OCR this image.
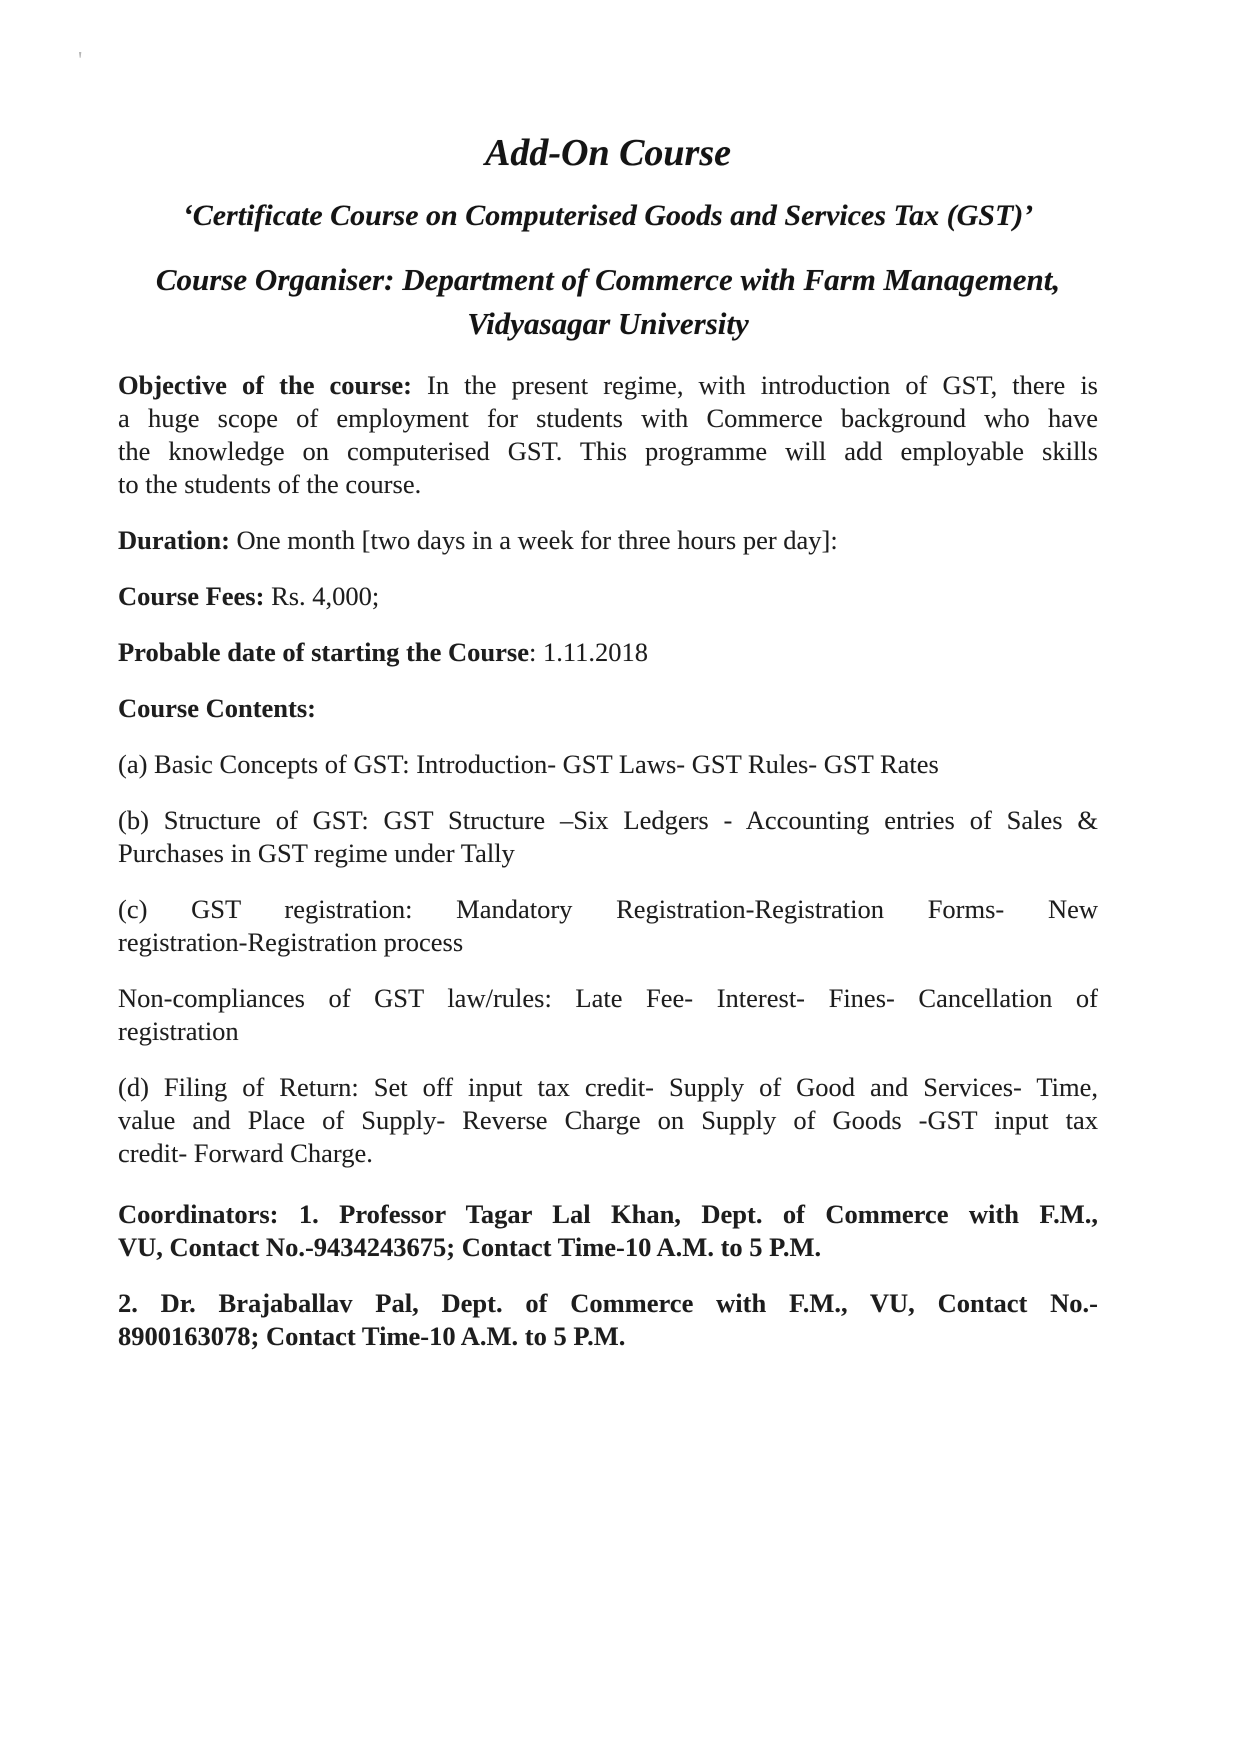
'
Add-On Course
‘Certificate Course on Computerised Goods and Services Tax (GST)’
Course Organiser: Department of Commerce with Farm Management,
Vidyasagar University
Objective of the course: In the present regime, with introduction of GST, there is
a huge scope of employment for students with Commerce background who have
the knowledge on computerised GST. This programme will add employable skills
to the students of the course.
Duration: One month [two days in a week for three hours per day]:
Course Fees: Rs. 4,000;
Probable date of starting the Course: 1.11.2018
Course Contents:
(a) Basic Concepts of GST: Introduction- GST Laws- GST Rules- GST Rates
(b) Structure of GST: GST Structure –Six Ledgers - Accounting entries of Sales &
Purchases in GST regime under Tally
(c) GST registration: Mandatory Registration-Registration Forms- New
registration-Registration process
Non-compliances of GST law/rules: Late Fee- Interest- Fines- Cancellation of
registration
(d) Filing of Return: Set off input tax credit- Supply of Good and Services- Time,
value and Place of Supply- Reverse Charge on Supply of Goods -GST input tax
credit- Forward Charge.
Coordinators: 1. Professor Tagar Lal Khan, Dept. of Commerce with F.M.,
VU, Contact No.-9434243675; Contact Time-10 A.M. to 5 P.M.
2. Dr. Brajaballav Pal, Dept. of Commerce with F.M., VU, Contact No.-
8900163078; Contact Time-10 A.M. to 5 P.M.
